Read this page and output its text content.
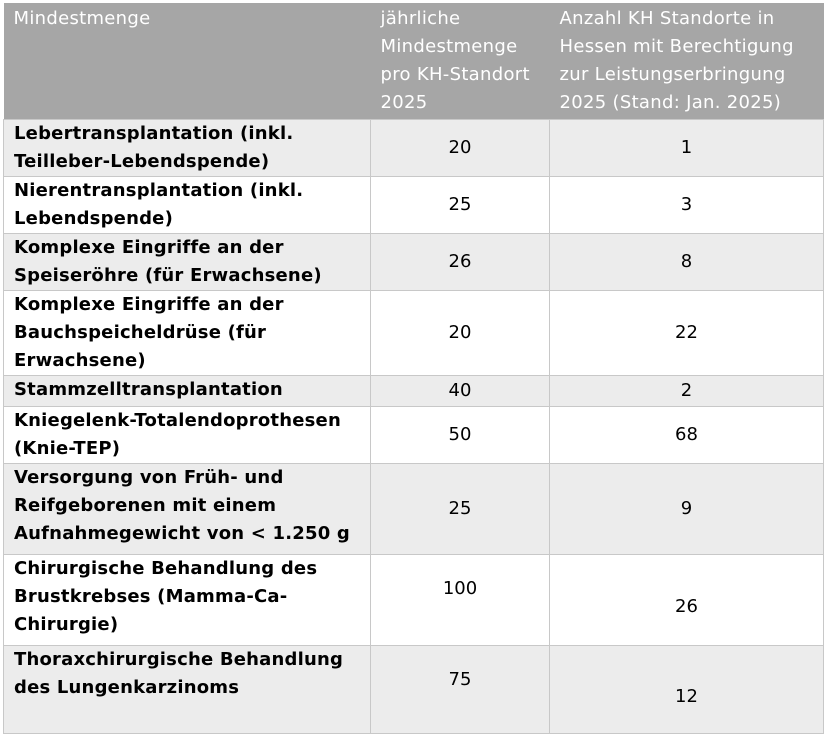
Mindestmenge	jährliche Mindestmenge pro KH-Standort 2025	Anzahl KH Standorte in Hessen mit Berechtigung zur Leistungserbringung 2025 (Stand: Jan. 2025)
Lebertransplantation (inkl. Teilleber-Lebendspende)	20	1
Nierentransplantation (inkl. Lebendspende)	25	3
Komplexe Eingriffe an der Speiseröhre (für Erwachsene)	26	8
Komplexe Eingriffe an der Bauchspeicheldrüse (für Erwachsene)	20	22
Stammzelltransplantation	40	2
Kniegelenk-Totalendoprothesen (Knie-TEP)	50	68
Versorgung von Früh- und Reifgeborenen mit einem Aufnahmegewicht von < 1.250 g	25	9
Chirurgische Behandlung des Brustkrebses (Mamma-Ca-Chirurgie)	100	26
Thoraxchirurgische Behandlung des Lungenkarzinoms	75	12
